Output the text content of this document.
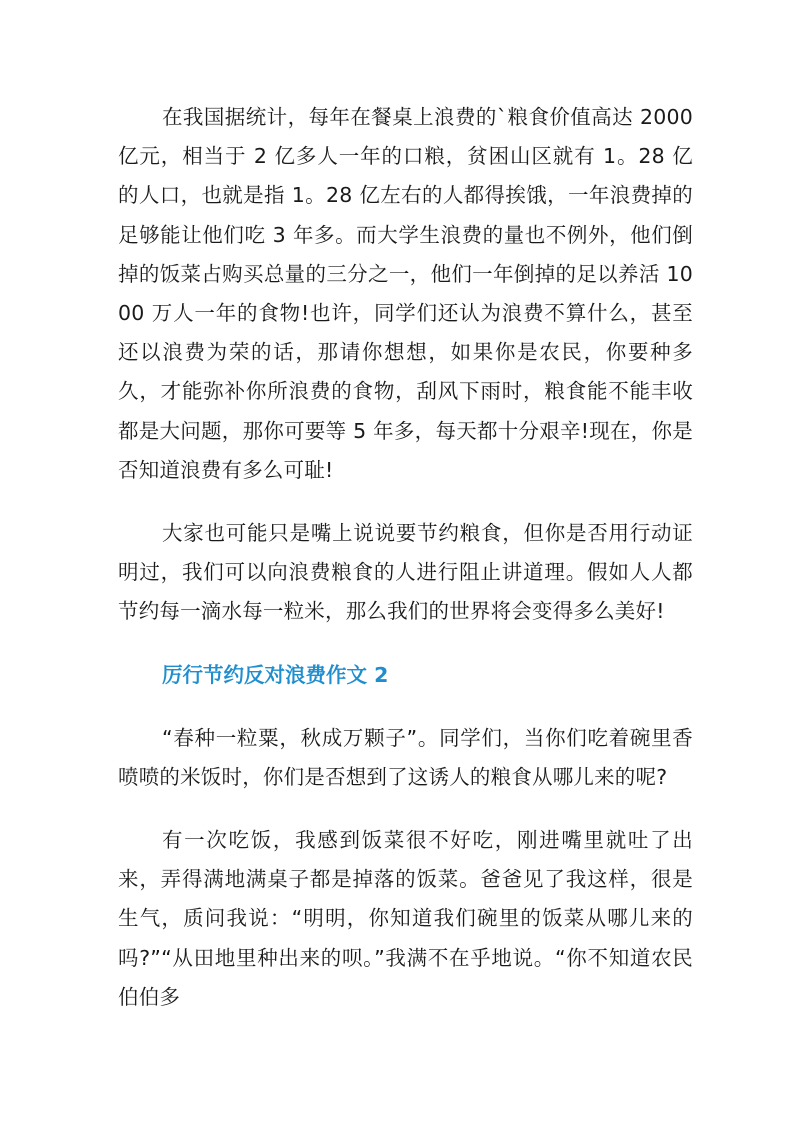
在我国据统计，每年在餐桌上浪费的`粮食价值高达 2000 亿元，相当于 2 亿多人一年的口粮，贫困山区就有 1。28 亿的人口，也就是指 1。28 亿左右的人都得挨饿，一年浪费掉的足够能让他们吃 3 年多。而大学生浪费的量也不例外，他们倒掉的饭菜占购买总量的三分之一，他们一年倒掉的足以养活 1000 万人一年的食物!也许，同学们还认为浪费不算什么，甚至还以浪费为荣的话，那请你想想，如果你是农民，你要种多久，才能弥补你所浪费的食物，刮风下雨时，粮食能不能丰收都是大问题，那你可要等 5 年多，每天都十分艰辛!现在，你是否知道浪费有多么可耻!

大家也可能只是嘴上说说要节约粮食，但你是否用行动证明过，我们可以向浪费粮食的人进行阻止讲道理。假如人人都节约每一滴水每一粒米，那么我们的世界将会变得多么美好!

厉行节约反对浪费作文 2

“春种一粒粟，秋成万颗子”。同学们，当你们吃着碗里香喷喷的米饭时，你们是否想到了这诱人的粮食从哪儿来的呢?

有一次吃饭，我感到饭菜很不好吃，刚进嘴里就吐了出来，弄得满地满桌子都是掉落的饭菜。爸爸见了我这样，很是生气，质问我说：“明明，你知道我们碗里的饭菜从哪儿来的吗?”“从田地里种出来的呗。”我满不在乎地说。“你不知道农民伯伯多
